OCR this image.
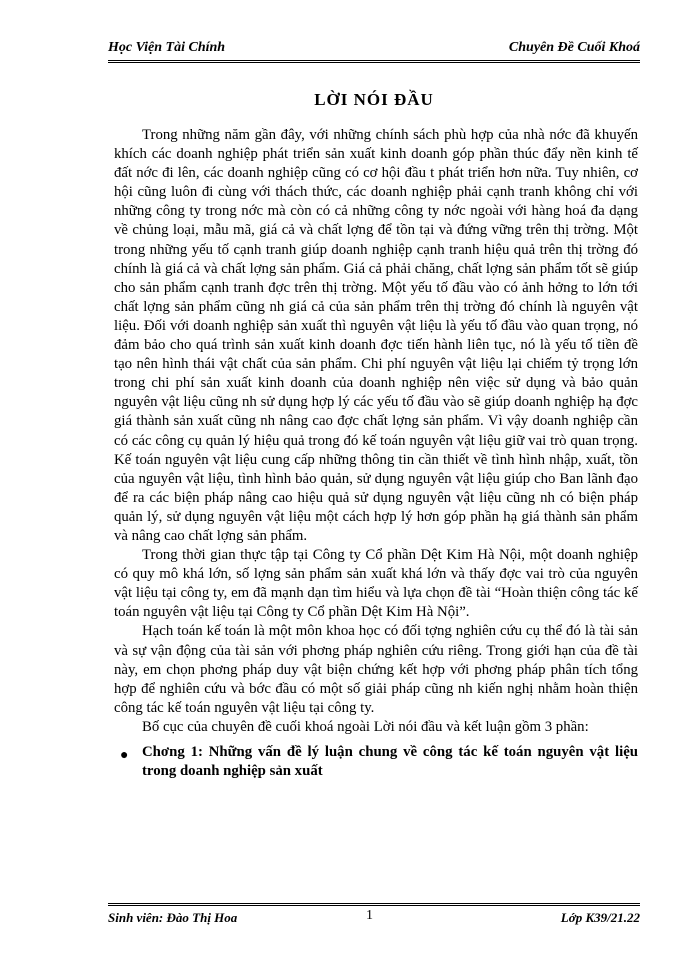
Học Viện Tài Chính	Chuyên Đề Cuối Khoá
LỜI NÓI ĐẦU

Trong những năm gần đây, với những chính sách phù hợp của nhà nớc đã khuyến khích các doanh nghiệp phát triển sản xuất kinh doanh góp phần thúc đẩy nền kinh tế đất nớc đi lên, các doanh nghiệp cũng có cơ hội đầu t phát triển hơn nữa. Tuy nhiên, cơ hội cũng luôn đi cùng với thách thức, các doanh nghiệp phải cạnh tranh không chỉ với những công ty trong nớc mà còn có cả những công ty nớc ngoài với hàng hoá đa dạng về chủng loại, mẫu mã, giá cả và chất lợng để tồn tại và đứng vững trên thị trờng. Một trong những yếu tố cạnh tranh giúp doanh nghiệp cạnh tranh hiệu quả trên thị trờng đó chính là giá cả và chất lợng sản phẩm. Giá cả phải chăng, chất lợng sản phẩm tốt sẽ giúp cho sản phẩm cạnh tranh đợc trên thị trờng. Một yếu tố đầu vào có ảnh hởng to lớn tới chất lợng sản phẩm cũng nh giá cả của sản phẩm trên thị trờng đó chính là nguyên vật liệu. Đối với doanh nghiệp sản xuất thì nguyên vật liệu là yếu tố đầu vào quan trọng, nó đảm bảo cho quá trình sản xuất kinh doanh đợc tiến hành liên tục, nó là yếu tố tiền đề tạo nên hình thái vật chất của sản phẩm. Chi phí nguyên vật liệu lại chiếm tỷ trọng lớn trong chi phí sản xuất kinh doanh của doanh nghiệp nên việc sử dụng và bảo quản nguyên vật liệu cũng nh sử dụng hợp lý các yếu tố đầu vào sẽ giúp doanh nghiệp hạ đợc giá thành sản xuất cũng nh nâng cao đợc chất lợng sản phẩm. Vì vậy doanh nghiệp cần có các công cụ quản lý hiệu quả trong đó kế toán nguyên vật liệu giữ vai trò quan trọng. Kế toán nguyên vật liệu cung cấp những thông tin cần thiết về tình hình nhập, xuất, tồn của nguyên vật liệu, tình hình bảo quản, sử dụng nguyên vật liệu giúp cho Ban lãnh đạo để ra các biện pháp nâng cao hiệu quả sử dụng nguyên vật liệu cũng nh có biện pháp quản lý, sử dụng nguyên vật liệu một cách hợp lý hơn góp phần hạ giá thành sản phẩm và nâng cao chất lợng sản phẩm.

Trong thời gian thực tập tại Công ty Cổ phần Dệt Kim Hà Nội, một doanh nghiệp có quy mô khá lớn, số lợng sản phẩm sản xuất khá lớn và thấy đợc vai trò của nguyên vật liệu tại công ty, em đã mạnh dạn tìm hiểu và lựa chọn đề tài “Hoàn thiện công tác kế toán nguyên vật liệu tại Công ty Cổ phần Dệt Kim Hà Nội”.

Hạch toán kế toán là một môn khoa học có đối tợng nghiên cứu cụ thể đó là tài sản và sự vận động của tài sản với phơng pháp nghiên cứu riêng. Trong giới hạn của đề tài này, em chọn phơng pháp duy vật biện chứng kết hợp với phơng pháp phân tích tổng hợp để nghiên cứu và bớc đầu có một số giải pháp cũng nh kiến nghị nhằm hoàn thiện công tác kế toán nguyên vật liệu tại công ty.

Bố cục của chuyên đề cuối khoá ngoài Lời nói đầu và kết luận gồm 3 phần:

● Chơng 1: Những vấn đề lý luận chung về công tác kế toán nguyên vật liệu trong doanh nghiệp sản xuất
Sinh viên: Đào Thị Hoa	1	Lớp K39/21.22
